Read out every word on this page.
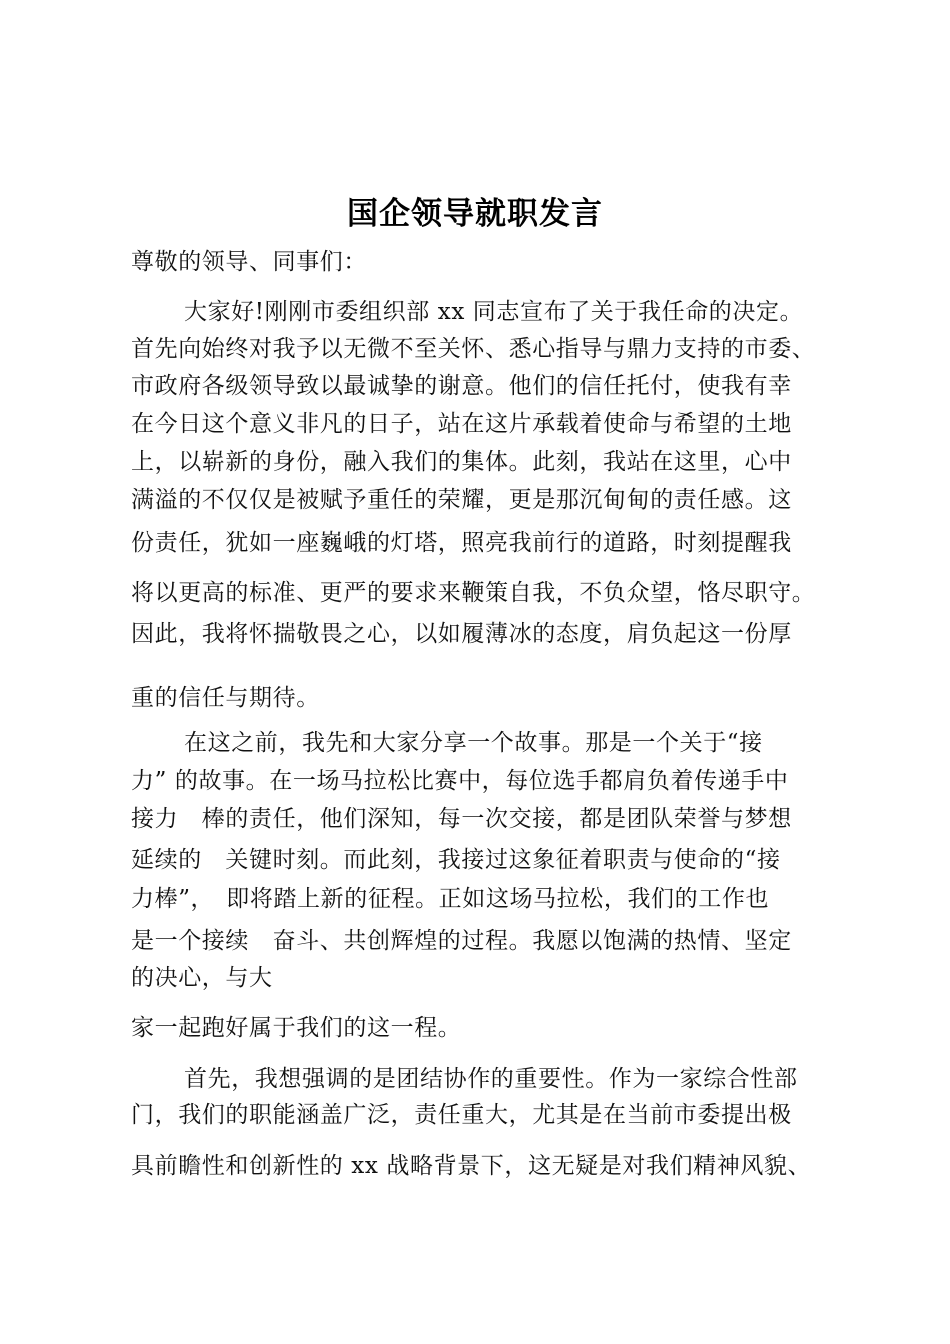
国企领导就职发言
尊敬的领导、同事们：
大家好!刚刚市委组织部 xx 同志宣布了关于我任命的决定。
首先向始终对我予以无微不至关怀、悉心指导与鼎力支持的市委、
市政府各级领导致以最诚挚的谢意。他们的信任托付，使我有幸
在今日这个意义非凡的日子，站在这片承载着使命与希望的土地
上，以崭新的身份，融入我们的集体。此刻，我站在这里，心中
满溢的不仅仅是被赋予重任的荣耀，更是那沉甸甸的责任感。这
份责任，犹如一座巍峨的灯塔，照亮我前行的道路，时刻提醒我
将以更高的标准、更严的要求来鞭策自我，不负众望，恪尽职守。
因此，我将怀揣敬畏之心，以如履薄冰的态度，肩负起这一份厚
重的信任与期待。
在这之前，我先和大家分享一个故事。那是一个关于“接
力” 的故事。在一场马拉松比赛中，每位选手都肩负着传递手中
接力　棒的责任，他们深知，每一次交接，都是团队荣誉与梦想
延续的　关键时刻。而此刻，我接过这象征着职责与使命的“接
力棒”，　即将踏上新的征程。正如这场马拉松，我们的工作也
是一个接续　奋斗、共创辉煌的过程。我愿以饱满的热情、坚定
的决心，与大
家一起跑好属于我们的这一程。
首先，我想强调的是团结协作的重要性。作为一家综合性部
门，我们的职能涵盖广泛，责任重大，尤其是在当前市委提出极
具前瞻性和创新性的 xx 战略背景下，这无疑是对我们精神风貌、
